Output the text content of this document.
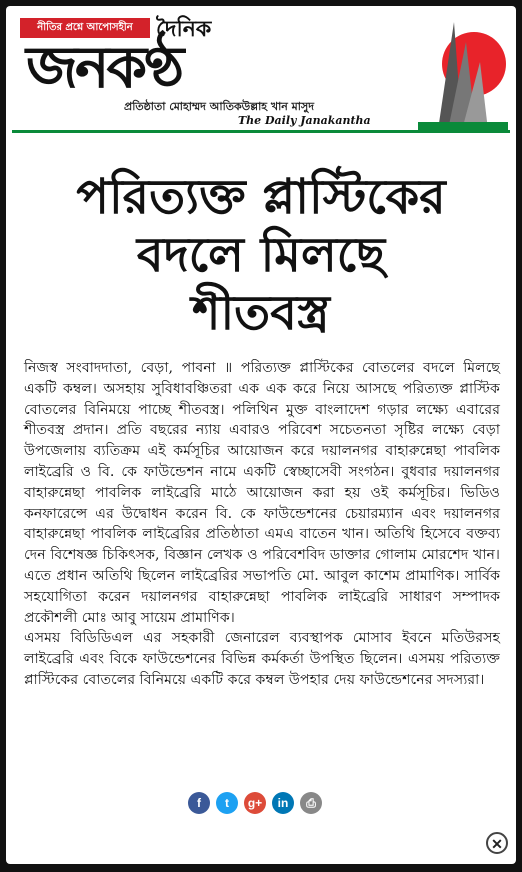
নীতির প্রশ্নে আপোসহীন	দৈনিক
জনকণ্ঠ
প্রতিষ্ঠাতা মোহাম্মদ আতিকউল্লাহ খান মাসুদ
The Daily Janakantha
পরিত্যক্ত প্লাস্টিকের
বদলে মিলছে
শীতবস্ত্র

নিজস্ব সংবাদদাতা, বেড়া, পাবনা ॥ পরিত্যক্ত প্লাস্টিকের বোতলের বদলে মিলছে একটি কম্বল। অসহায় সুবিধাবঞ্চিতরা এক এক করে নিয়ে আসছে পরিত্যক্ত প্লাস্টিক বোতলের বিনিময়ে পাচ্ছে শীতবস্ত্র। পলিথিন মুক্ত বাংলাদেশ গড়ার লক্ষ্যে এবারের শীতবস্ত্র প্রদান। প্রতি বছরের ন্যায় এবারও পরিবেশ সচেতনতা সৃষ্টির লক্ষ্যে বেড়া উপজেলায় ব্যতিক্রম এই কর্মসূচির আয়োজন করে দয়ালনগর বাহারুন্নেছা পাবলিক লাইব্রেরি ও বি. কে ফাউন্ডেশন নামে একটি স্বেচ্ছাসেবী সংগঠন। বুধবার দয়ালনগর বাহারুন্নেছা পাবলিক লাইব্রেরি মাঠে আয়োজন করা হয় ওই কর্মসূচির। ভিডিও কনফারেন্সে এর উদ্বোধন করেন বি. কে ফাউন্ডেশনের চেয়ারম্যান এবং দয়ালনগর বাহারুন্নেছা পাবলিক লাইব্রেরির প্রতিষ্ঠাতা এমএ বাতেন খান। অতিথি হিসেবে বক্তব্য দেন বিশেষজ্ঞ চিকিৎসক, বিজ্ঞান লেখক ও পরিবেশবিদ ডাক্তার গোলাম মোরশেদ খান। এতে প্রধান অতিথি ছিলেন লাইব্রেরির সভাপতি মো. আবুল কাশেম প্রামাণিক। সার্বিক সহযোগিতা করেন দয়ালনগর বাহারুন্নেছা পাবলিক লাইব্রেরি সাধারণ সম্পাদক প্রকৌশলী মোঃ আবু সায়েম প্রামাণিক।

এসময় বিডিডিএল এর সহকারী জেনারেল ব্যবস্থাপক মোসাব ইবনে মতিউরসহ লাইব্রেরি এবং বিকে ফাউন্ডেশনের বিভিন্ন কর্মকর্তা উপস্থিত ছিলেন। এসময় পরিত্যক্ত প্লাস্টিকের বোতলের বিনিময়ে একটি করে কম্বল উপহার দেয় ফাউন্ডেশনের সদস্যরা।

f	t	g+	in	⎙
✕
